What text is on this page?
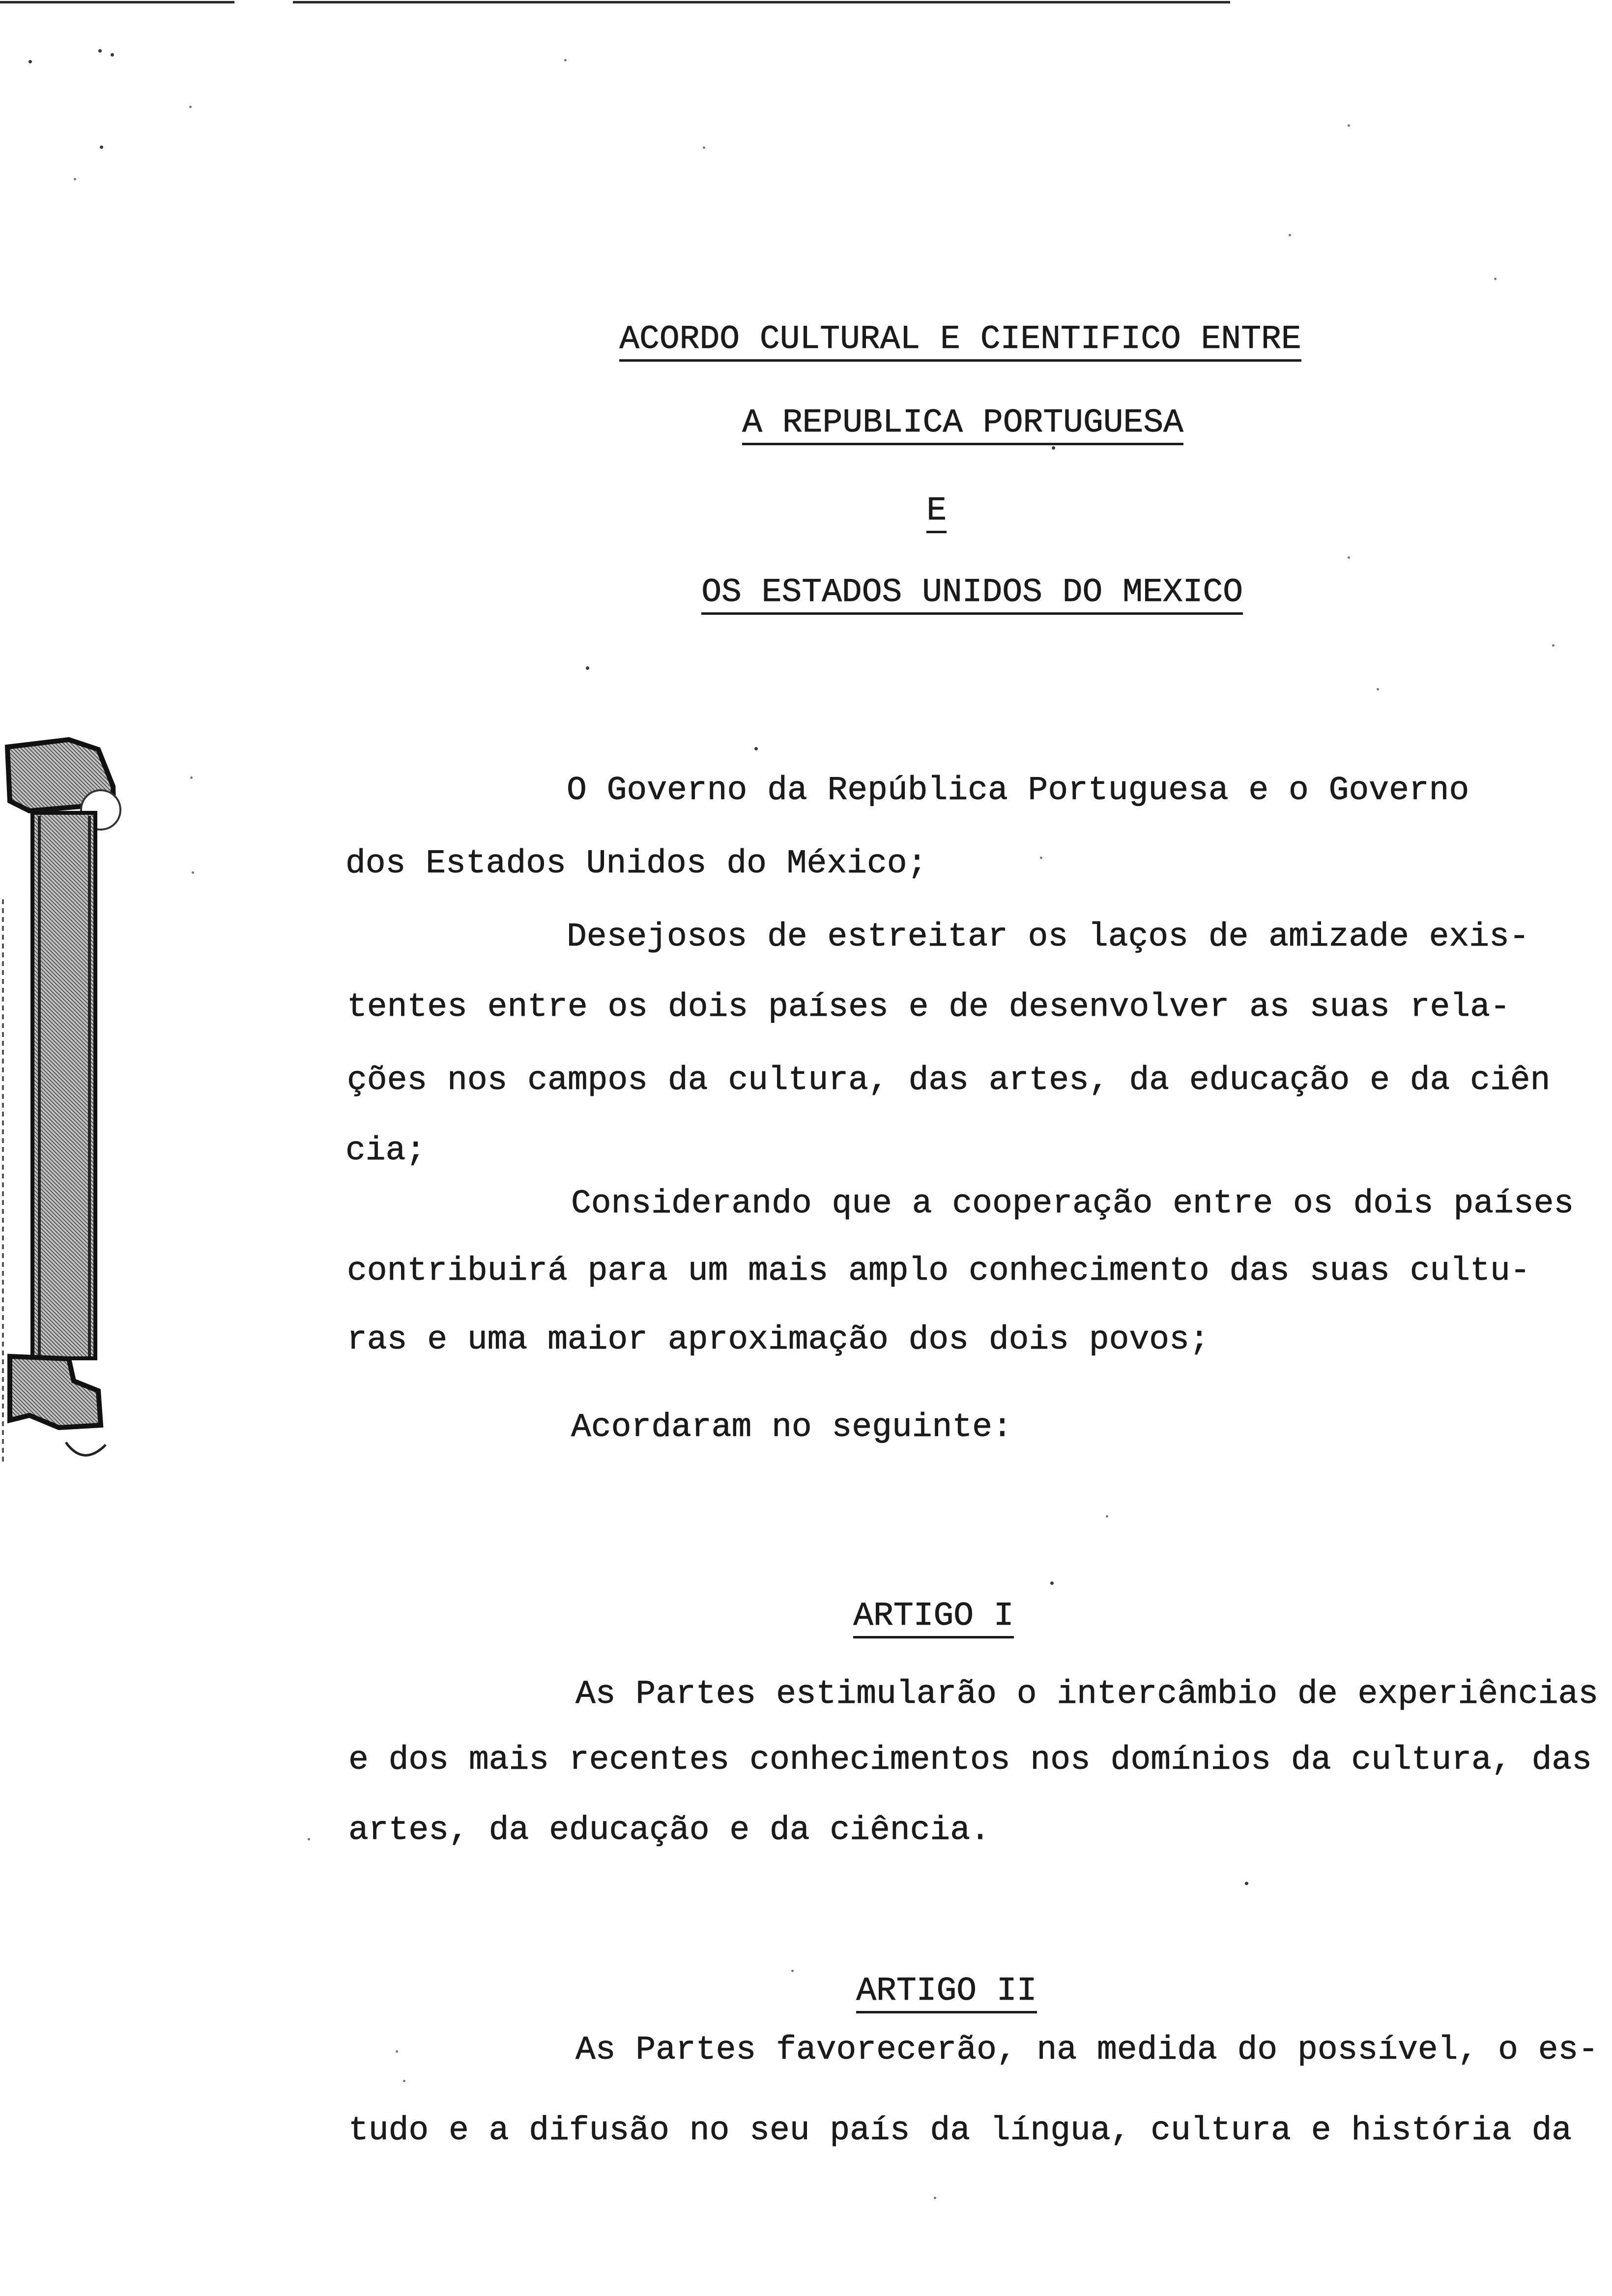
ACORDO CULTURAL E CIENTIFICO ENTRE

A REPUBLICA PORTUGUESA

E

OS ESTADOS UNIDOS DO MEXICO

O Governo da República Portuguesa e o Governo
dos Estados Unidos do México;
Desejosos de estreitar os laços de amizade exis-
tentes entre os dois países e de desenvolver as suas rela-
ções nos campos da cultura, das artes, da educação e da ciên
cia;
Considerando que a cooperação entre os dois países
contribuirá para um mais amplo conhecimento das suas cultu-
ras e uma maior aproximação dos dois povos;
Acordaram no seguinte:

ARTIGO I

As Partes estimularão o intercâmbio de experiências
e dos mais recentes conhecimentos nos domínios da cultura, das
artes, da educação e da ciência.

ARTIGO II

As Partes favorecerão, na medida do possível, o es-
tudo e a difusão no seu país da língua, cultura e história da
